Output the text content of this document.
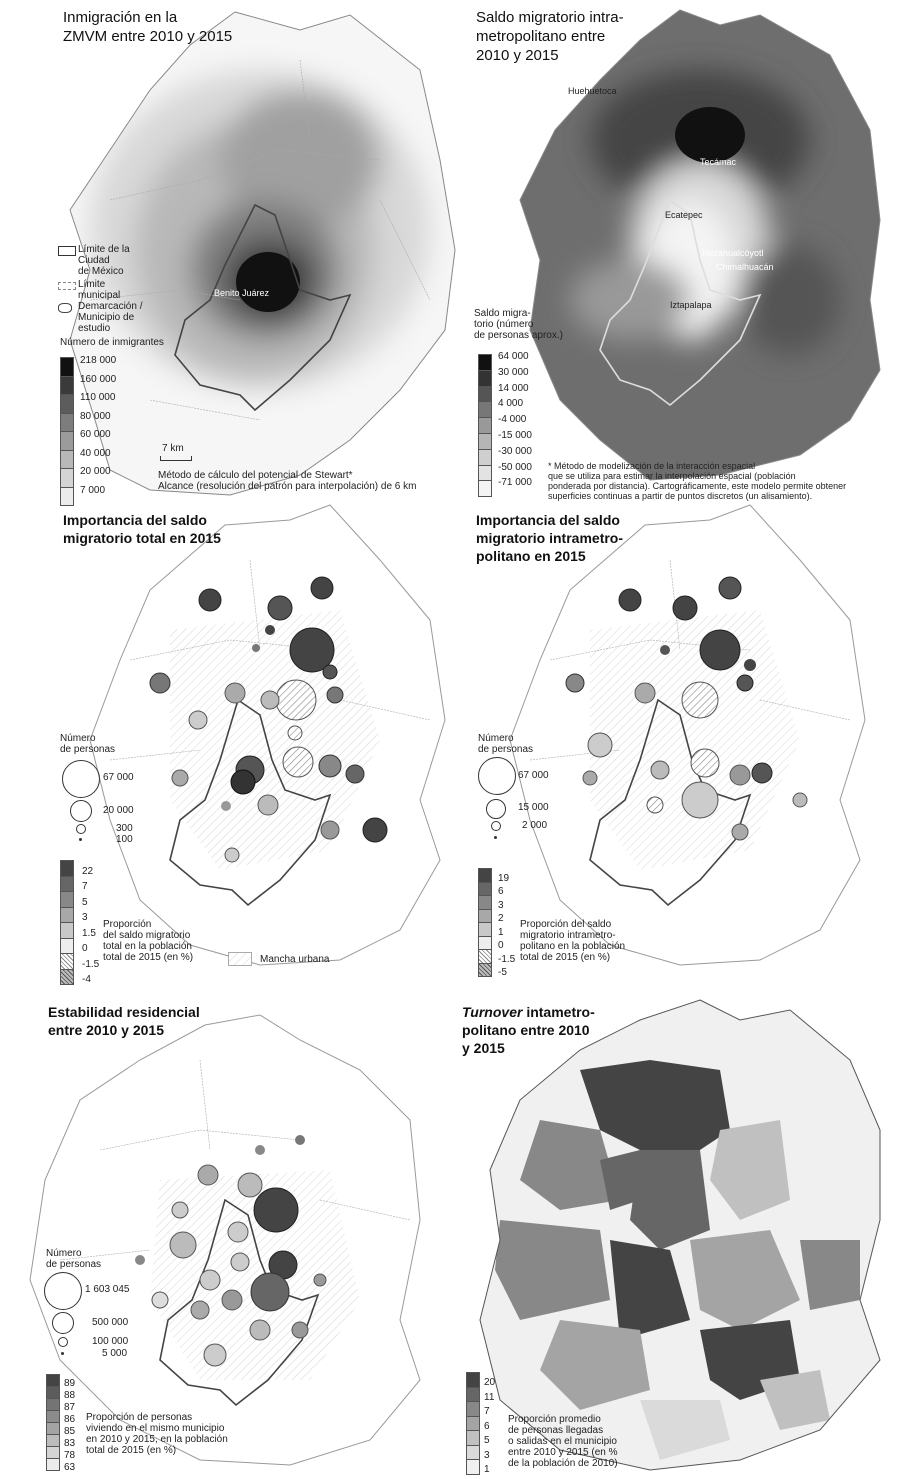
Inmigración en la
ZMVM entre 2010 y 2015
Límite de la
Ciudad
de México
Límite
municipal
Demarcación /
Municipio de
estudio
Número de inmigrantes
218 000
160 000
110 000
80 000
60 000
40 000
20 000
7 000
7 km
Benito Juárez
Método de cálculo del potencial de Stewart*
Alcance (resolución del patrón para interpolación) de 6 km
Saldo migratorio intra-
metropolitano entre
2010 y 2015
Saldo migra-
torio (número
de personas aprox.)
64 000
30 000
14 000
4 000
-4 000
-15 000
-30 000
-50 000
-71 000
Huehuetoca
Tecámac
Ecatepec
Nezahualcóyotl
Chimalhuacán
Iztapalapa
* Método de modelización de la interacción espacial
que se utiliza para estimar la interpolación espacial (población
ponderada por distancia). Cartográficamente, este modelo permite obtener
superficies continuas a partir de puntos discretos (un alisamiento).
Importancia del saldo
migratorio total en 2015
Número
de personas
67 000
20 000
300
100
22
7
5
3
1.5
0
-1.5
-4
Proporción
del saldo migratorio
total en la población
total de 2015 (en %)	Mancha urbana
Importancia del saldo
migratorio intrametro-
politano en 2015
Número
de personas
67 000
15 000
2 000
19
6
3
2
1
0
-1.5
-5
Proporción del saldo
migratorio intrametro-
politano en la población
total de 2015 (en %)
Estabilidad residencial
entre 2010 y 2015
Número
de personas
1 603 045
500 000
100 000
5 000
89
88
87
86
85
83
78
63
Proporción de personas
viviendo en el mismo municipio
en 2010 y 2015, en la población
total de 2015 (en %)
Turnover intametro-
politano entre 2010
y 2015
20
11
7
6
5
3
1
Proporción promedio
de personas llegadas
o salidas en el municipio
entre 2010 y 2015 (en %
de la población de 2010)
